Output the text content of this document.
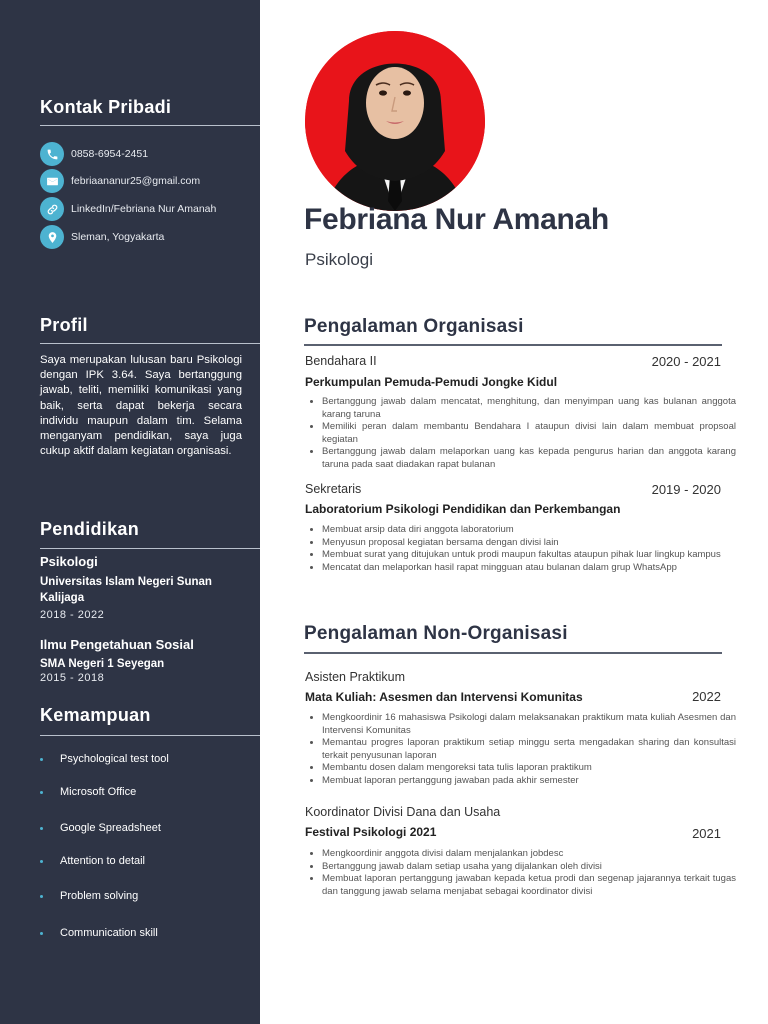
Kontak Pribadi
0858-6954-2451
febriaananur25@gmail.com
LinkedIn/Febriana Nur Amanah
Sleman, Yogyakarta
Profil
Saya merupakan lulusan baru Psikologi dengan IPK 3.64. Saya bertanggung jawab, teliti, memiliki komunikasi yang baik, serta dapat bekerja secara individu maupun dalam tim. Selama menganyam pendidikan, saya juga cukup aktif dalam kegiatan organisasi.
Pendidikan
Psikologi
Universitas Islam Negeri Sunan Kalijaga
2018 - 2022
Ilmu Pengetahuan Sosial
SMA Negeri 1 Seyegan
2015 - 2018
Kemampuan
Psychological test tool
Microsoft Office
Google Spreadsheet
Attention to detail
Problem solving
Communication skill
Febriana Nur Amanah
Psikologi
Pengalaman Organisasi
Bendahara II	2020 - 2021
Perkumpulan Pemuda-Pemudi Jongke Kidul
• Bertanggung jawab dalam mencatat, menghitung, dan menyimpan uang kas bulanan anggota karang taruna
• Memiliki peran dalam membantu Bendahara I ataupun divisi lain dalam membuat propsoal kegiatan
• Bertanggung jawab dalam melaporkan uang kas kepada pengurus harian dan anggota karang taruna pada saat diadakan rapat bulanan
Sekretaris	2019 - 2020
Laboratorium Psikologi Pendidikan dan Perkembangan
• Membuat arsip data diri anggota laboratorium
• Menyusun proposal kegiatan bersama dengan divisi lain
• Membuat surat yang ditujukan untuk prodi maupun fakultas ataupun pihak luar lingkup kampus
• Mencatat dan melaporkan hasil rapat mingguan atau bulanan dalam grup WhatsApp
Pengalaman Non-Organisasi
Asisten Praktikum
Mata Kuliah: Asesmen dan Intervensi Komunitas	2022
• Mengkoordinir 16 mahasiswa Psikologi dalam melaksanakan praktikum mata kuliah Asesmen dan Intervensi Komunitas
• Memantau progres laporan praktikum setiap minggu serta mengadakan sharing dan konsultasi terkait penyusunan laporan
• Membantu dosen dalam mengoreksi tata tulis laporan praktikum
• Membuat laporan pertanggung jawaban pada akhir semester
Koordinator Divisi Dana dan Usaha
Festival Psikologi 2021	2021
• Mengkoordinir anggota divisi dalam menjalankan jobdesc
• Bertanggung jawab dalam setiap usaha yang dijalankan oleh divisi
• Membuat laporan pertanggung jawaban kepada ketua prodi dan segenap jajarannya terkait tugas dan tanggung jawab selama menjabat sebagai koordinator divisi
